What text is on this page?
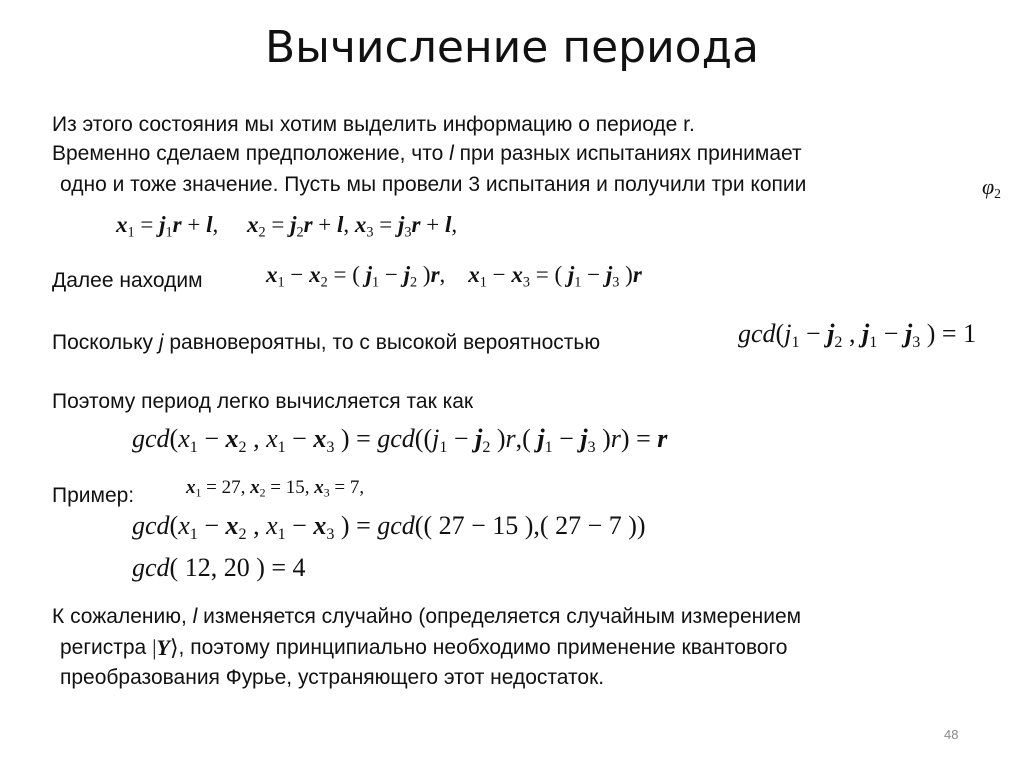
Вычисление периода
Из этого состояния мы хотим выделить информацию о периоде r.
Временно сделаем предположение, что l при разных испытаниях принимает
одно и тоже значение. Пусть мы провели 3 испытания и получили три копии	$\varphi_2$
$x_1 = j_1r + l$,     $x_2 = j_2r + l$, $x_3 = j_3r + l$,
Далее находим	$x_1 - x_2$ = ( $j_1 - j_2$ )r,    $x_1 - x_3$ = ( $j_1 - j_3$ )r
Поскольку j равновероятны, то с высокой вероятностью	$\gcd(j_1 - j_2$ , $j_1 - j_3$ ) = 1
Поэтому период легко вычисляется так как
$\gcd(x_1 - x_2$ , $x_1 - x_3$ ) = $\gcd((j_1 - j_2$ )r,( $j_1 - j_3$ )r) = r
Пример:	$x_1 = 27$, $x_2 = 15$, $x_3 = 7$,
$\gcd(x_1 - x_2$ , $x_1 - x_3$ ) = gcd(( 27 − 15 ),( 27 − 7 ))
gcd( 12, 20 ) = 4
К сожалению, l изменяется случайно (определяется случайным измерением
регистра |Y⟩, поэтому принципиально необходимо применение квантового
преобразования Фурье, устраняющего этот недостаток.
48
